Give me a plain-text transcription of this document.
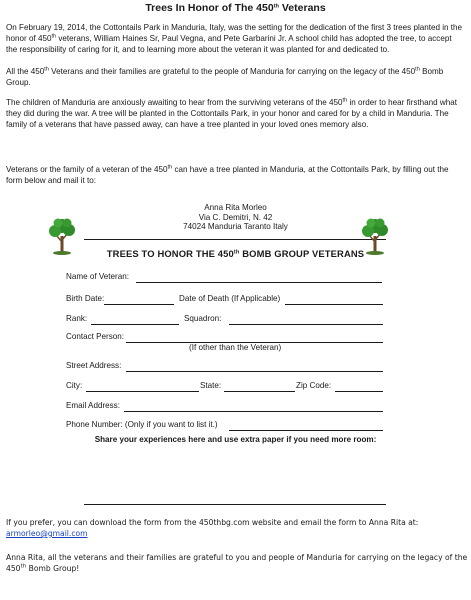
Trees In Honor of The 450th Veterans
On February 19, 2014, the Cottontails Park in Manduria, Italy, was the setting for the dedication of the first 3 trees planted in the honor of 450th veterans, William Haines Sr, Paul Vegna, and Pete Garbarini Jr. A school child has adopted the tree, to accept the responsibility of caring for it, and to learning more about the veteran it was planted for and dedicated to.
All the 450th Veterans and their families are grateful to the people of Manduria for carrying on the legacy of the 450th Bomb Group.
The children of Manduria are anxiously awaiting to hear from the surviving veterans of the 450th in order to hear firsthand what they did during the war. A tree will be planted in the Cottontails Park, in your honor and cared for by a child in Manduria. The family of a veterans that have passed away, can have a tree planted in your loved ones memory also.
Veterans or the family of a veteran of the 450th can have a tree planted in Manduria, at the Cottontails Park, by filling out the form below and mail it to:
Anna Rita Morleo
Via C. Demitri, N. 42
74024 Manduria Taranto Italy
TREES TO HONOR THE 450th BOMB GROUP VETERANS
Name of Veteran:
Birth Date:	Date of Death (If Applicable)
Rank:	Squadron:
Contact Person:
(If other than the Veteran)
Street Address:
City:	State:	Zip Code:
Email Address:
Phone Number: (Only if you want to list it.)
Share your experiences here and use extra paper if you need more room:
If you prefer, you can download the form from the 450thbg.com website and email the form to Anna Rita at:
armorleo@gmail.com
Anna Rita, all the veterans and their families are grateful to you and people of Manduria for carrying on the legacy of the 450th Bomb Group!
